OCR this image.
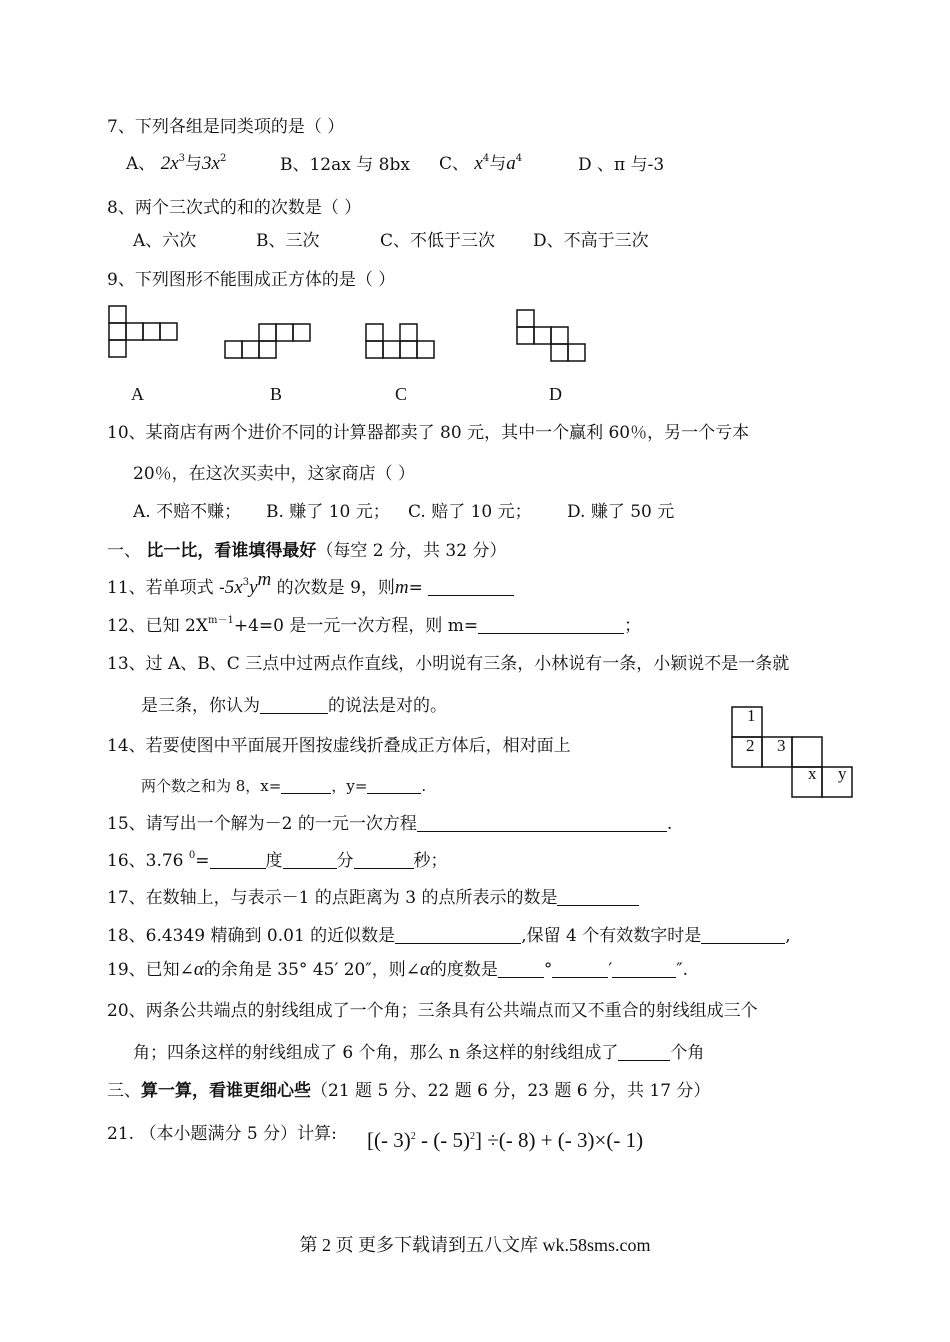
7、下列各组是同类项的是（ ）
A、 $2x^3$与$3x^2$	B、12ax 与 8bx C、 $x^4$与$a^4$	D 、π 与-3
8、两个三次式的和的次数是（ ）
A、六次	B、三次	C、不低于三次 D、不高于三次
9、下列图形不能围成正方体的是（ ）
A	B	C	D
10、某商店有两个进价不同的计算器都卖了 80 元，其中一个赢利 60％，另一个亏本
20％，在这次买卖中，这家商店（ ）
A. 不赔不赚； B. 赚了 10 元； C. 赔了 10 元； D. 赚了 50 元
一、 比一比，看谁填得最好（每空 2 分，共 32 分）
11、若单项式 $-5x^3y^m$ 的次数是 9，则m=
12、已知 $2X^{m-1}+4=0$ 是一元一次方程，则 m=	；
13、过 A、B、C 三点中过两点作直线，小明说有三条，小林说有一条，小颖说不是一条就
是三条，你认为	的说法是对的。	1
2 3
x y
14、若要使图中平面展开图按虚线折叠成正方体后，相对面上
两个数之和为 8，x=	，y=	.
15、请写出一个解为－2 的一元一次方程	.
16、3.76 $^0$=	度	分	秒；
17、在数轴上，与表示－1 的点距离为 3 的点所表示的数是
18、6.4349 精确到 0.01 的近似数是	,保留 4 个有效数字时是	,
19、已知∠α的余角是 35° 45′ 20″，则∠α的度数是	°	′	″.
20、两条公共端点的射线组成了一个角；三条具有公共端点而又不重合的射线组成三个
角；四条这样的射线组成了 6 个角，那么 n 条这样的射线组成了	个角
三、算一算，看谁更细心些（21 题 5 分、22 题 6 分，23 题 6 分，共 17 分）
21. （本小题满分 5 分）计算: [(- 3)$^2$ - (- 5)$^2$] ÷(- 8) + (- 3)×(- 1)
第 2 页 更多下载请到五八文库 wk.58sms.com
